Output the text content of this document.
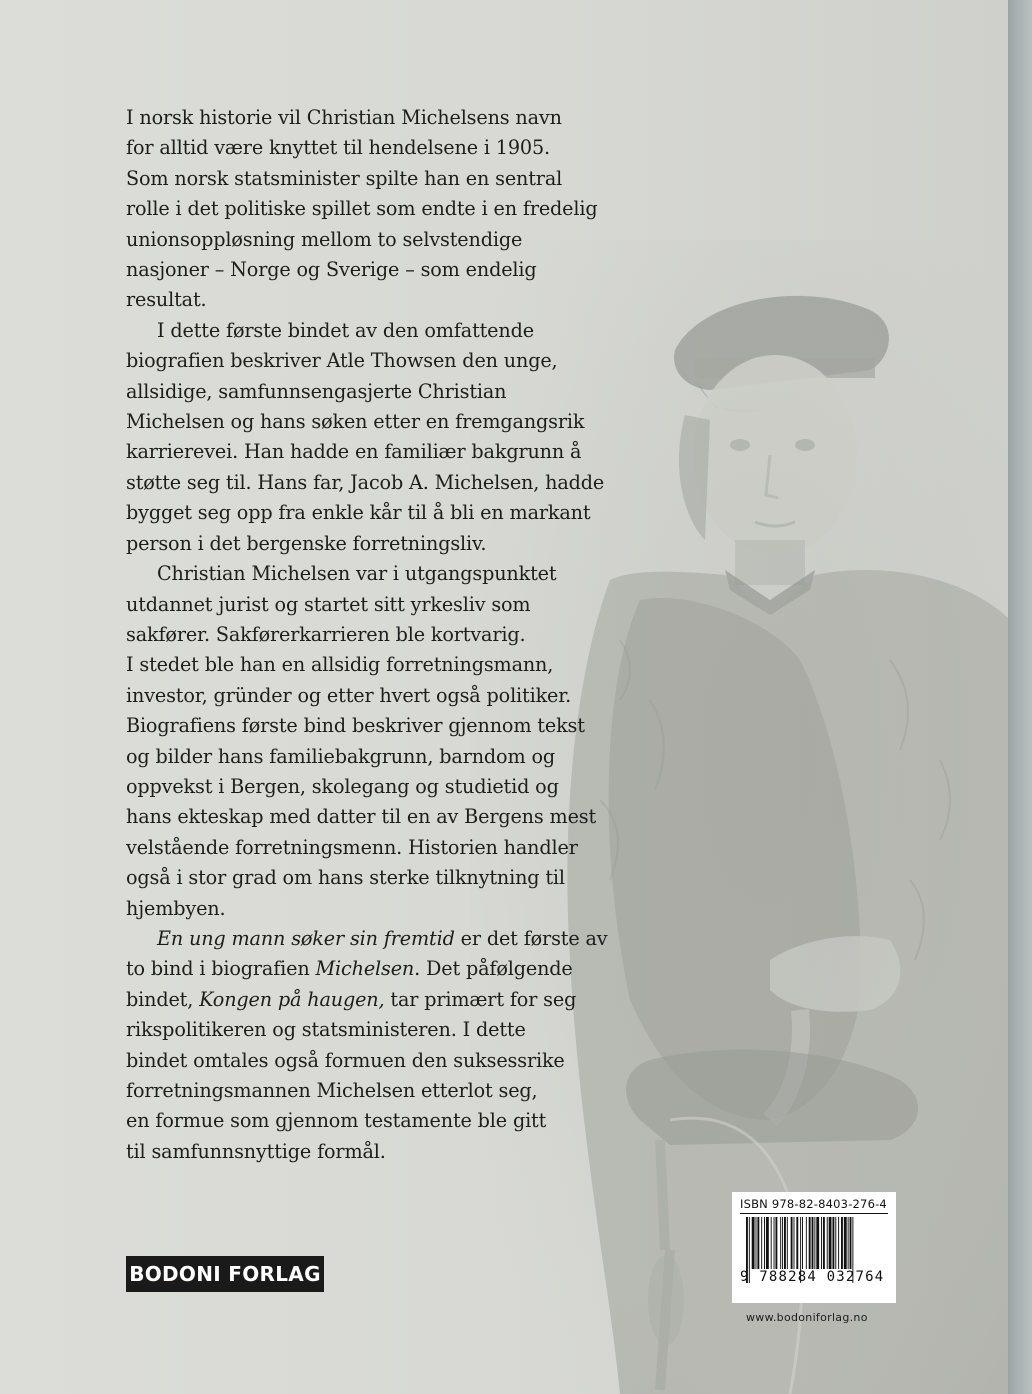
I norsk historie vil Christian Michelsens navn
for alltid være knyttet til hendelsene i 1905.
Som norsk statsminister spilte han en sentral
rolle i det politiske spillet som endte i en fredelig
unionsoppløsning mellom to selvstendige
nasjoner – Norge og Sverige – som endelig
resultat.

I dette første bindet av den omfattende
biografien beskriver Atle Thowsen den unge,
allsidige, samfunnsengasjerte Christian
Michelsen og hans søken etter en fremgangsrik
karrierevei. Han hadde en familiær bakgrunn å
støtte seg til. Hans far, Jacob A. Michelsen, hadde
bygget seg opp fra enkle kår til å bli en markant
person i det bergenske forretningsliv.

Christian Michelsen var i utgangspunktet
utdannet jurist og startet sitt yrkesliv som
sakfører. Sakførerkarrieren ble kortvarig.
I stedet ble han en allsidig forretningsmann,
investor, gründer og etter hvert også politiker.
Biografiens første bind beskriver gjennom tekst
og bilder hans familiebakgrunn, barndom og
oppvekst i Bergen, skolegang og studietid og
hans ekteskap med datter til en av Bergens mest
velstående forretningsmenn. Historien handler
også i stor grad om hans sterke tilknytning til
hjembyen.

En ung mann søker sin fremtid er det første av
to bind i biografien Michelsen. Det påfølgende
bindet, Kongen på haugen, tar primært for seg
rikspolitikeren og statsministeren. I dette
bindet omtales også formuen den suksessrike
forretningsmannen Michelsen etterlot seg,
en formue som gjennom testamente ble gitt
til samfunnsnyttige formål.

BODONI FORLAG
ISBN 978-82-8403-276-4
9 788284 032764
www.bodoniforlag.no
